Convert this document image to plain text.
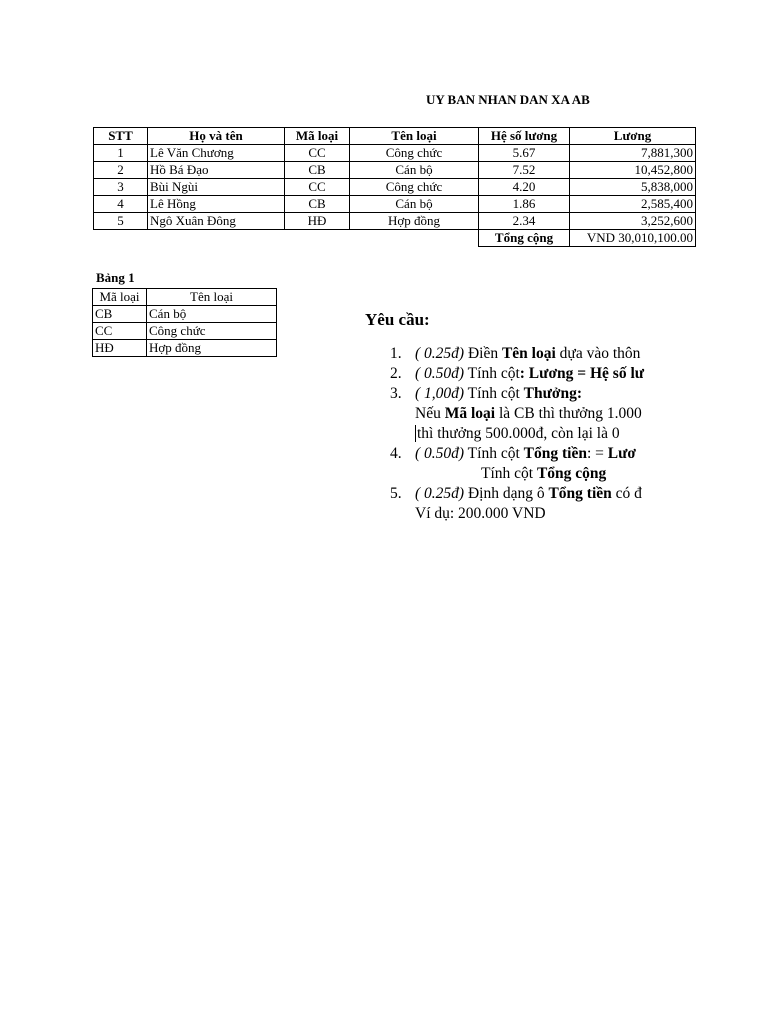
UY BAN NHAN DAN XA AB
STT	Họ và tên	Mã loại	Tên loại	Hệ số lương	Lương
1	Lê Văn Chương	CC	Công chức	5.67	7,881,300
2	Hồ Bá Đạo	CB	Cán bộ	7.52	10,452,800
3	Bùi Ngùi	CC	Công chức	4.20	5,838,000
4	Lê Hồng	CB	Cán bộ	1.86	2,585,400
5	Ngô Xuân Đông	HĐ	Hợp đồng	2.34	3,252,600
				Tổng cộng	VND 30,010,100.00
Bảng 1
Mã loại	Tên loại
CB	Cán bộ
CC	Công chức
HĐ	Hợp đồng
Yêu cầu:
1. ( 0.25đ) Điền Tên loại dựa vào thôn
2. ( 0.50đ) Tính cột: Lương = Hệ số lư
3. ( 1,00đ) Tính cột Thưởng:
Nếu Mã loại là CB thì thưởng 1.000
thì thưởng 500.000đ, còn lại là 0
4. ( 0.50đ) Tính cột Tổng tiền: = Lươ
Tính cột Tổng cộng
5. ( 0.25đ) Định dạng ô Tổng tiền có đ
Ví dụ: 200.000 VND
